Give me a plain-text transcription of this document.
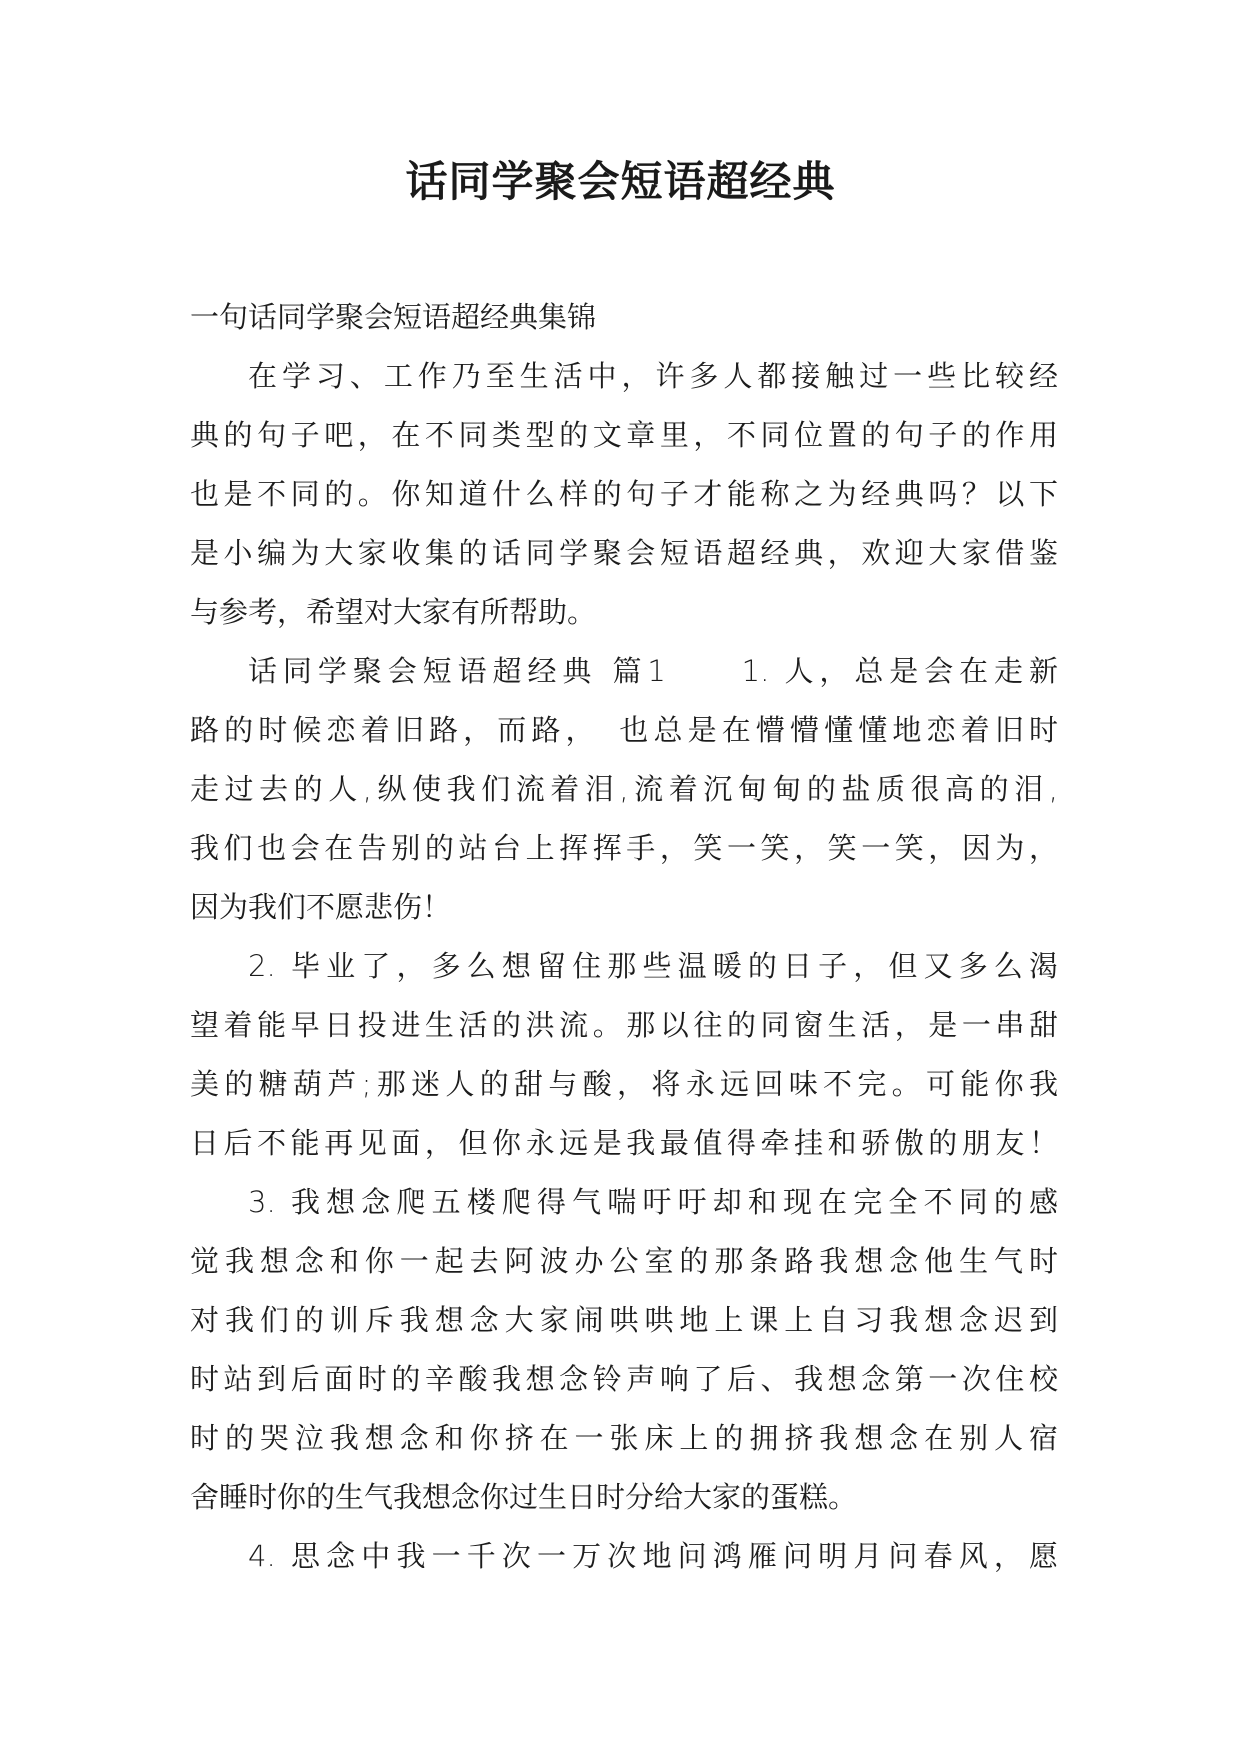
话同学聚会短语超经典
一句话同学聚会短语超经典集锦
在学习、工作乃至生活中，许多人都接触过一些比较经
典的句子吧，在不同类型的文章里，不同位置的句子的作用
也是不同的。你知道什么样的句子才能称之为经典吗？以下
是小编为大家收集的话同学聚会短语超经典，欢迎大家借鉴
与参考，希望对大家有所帮助。
话同学聚会短语超经典 篇1　　1. 人，总是会在走新
路的时候恋着旧路，而路，　也总是在懵懵懂懂地恋着旧时
走过去的人,纵使我们流着泪,流着沉甸甸的盐质很高的泪,
我们也会在告别的站台上挥挥手，笑一笑，笑一笑，因为，
因为我们不愿悲伤！
2. 毕业了，多么想留住那些温暖的日子，但又多么渴
望着能早日投进生活的洪流。那以往的同窗生活，是一串甜
美的糖葫芦;那迷人的甜与酸，将永远回味不完。可能你我
日后不能再见面，但你永远是我最值得牵挂和骄傲的朋友！
3. 我想念爬五楼爬得气喘吁吁却和现在完全不同的感
觉我想念和你一起去阿波办公室的那条路我想念他生气时
对我们的训斥我想念大家闹哄哄地上课上自习我想念迟到
时站到后面时的辛酸我想念铃声响了后、我想念第一次住校
时的哭泣我想念和你挤在一张床上的拥挤我想念在别人宿
舍睡时你的生气我想念你过生日时分给大家的蛋糕。
4. 思念中我一千次一万次地问鸿雁问明月问春风，愿
